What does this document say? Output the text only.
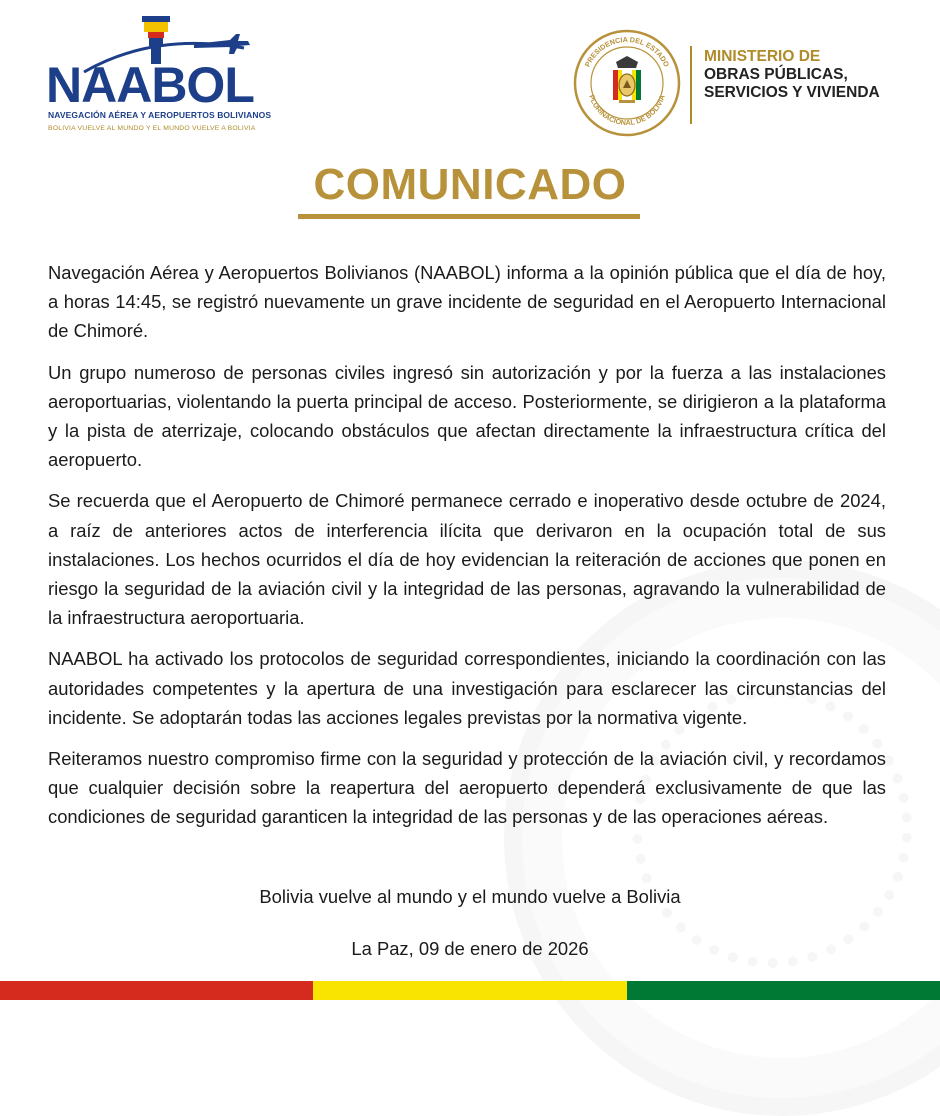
NAABOL
NAVEGACIÓN AÉREA Y AEROPUERTOS BOLIVIANOS
BOLIVIA VUELVE AL MUNDO Y EL MUNDO VUELVE A BOLIVIA
PRESIDENCIA DEL ESTADO
PLURINACIONAL DE BOLIVIA
MINISTERIO DE
OBRAS PÚBLICAS,
SERVICIOS Y VIVIENDA
COMUNICADO

Navegación Aérea y Aeropuertos Bolivianos (NAABOL) informa a la opinión pública que el día de hoy, a horas 14:45, se registró nuevamente un grave incidente de seguridad en el Aeropuerto Internacional de Chimoré.

Un grupo numeroso de personas civiles ingresó sin autorización y por la fuerza a las instalaciones aeroportuarias, violentando la puerta principal de acceso. Posteriormente, se dirigieron a la plataforma y la pista de aterrizaje, colocando obstáculos que afectan directamente la infraestructura crítica del aeropuerto.

Se recuerda que el Aeropuerto de Chimoré permanece cerrado e inoperativo desde octubre de 2024, a raíz de anteriores actos de interferencia ilícita que derivaron en la ocupación total de sus instalaciones. Los hechos ocurridos el día de hoy evidencian la reiteración de acciones que ponen en riesgo la seguridad de la aviación civil y la integridad de las personas, agravando la vulnerabilidad de la infraestructura aeroportuaria.

NAABOL ha activado los protocolos de seguridad correspondientes, iniciando la coordinación con las autoridades competentes y la apertura de una investigación para esclarecer las circunstancias del incidente. Se adoptarán todas las acciones legales previstas por la normativa vigente.

Reiteramos nuestro compromiso firme con la seguridad y protección de la aviación civil, y recordamos que cualquier decisión sobre la reapertura del aeropuerto dependerá exclusivamente de que las condiciones de seguridad garanticen la integridad de las personas y de las operaciones aéreas.

Bolivia vuelve al mundo y el mundo vuelve a Bolivia
La Paz, 09 de enero de 2026
